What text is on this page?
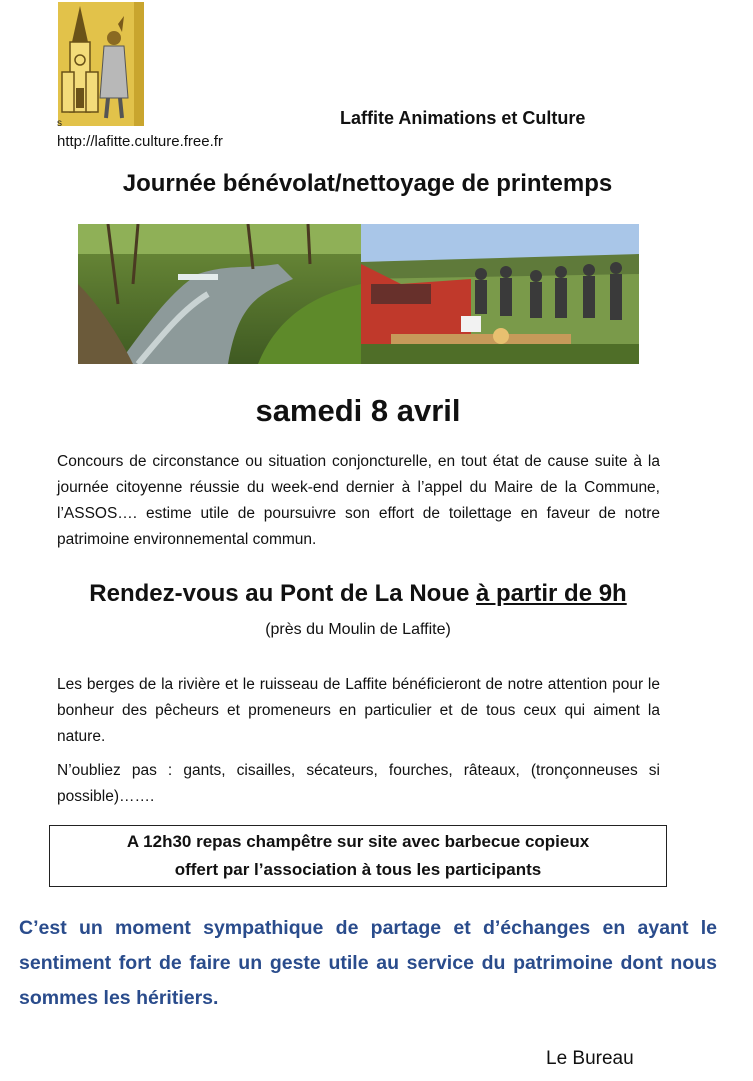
s
http://lafitte.culture.free.fr
Laffite Animations et Culture
Journée bénévolat/nettoyage de printemps
samedi 8 avril
Concours de circonstance ou situation conjoncturelle, en tout état de cause suite à la journée citoyenne réussie du week-end dernier à l’appel du Maire de la Commune, l’ASSOS…. estime utile de poursuivre son effort de toilettage en faveur de notre patrimoine environnemental commun.
Rendez-vous au Pont de La Noue à partir de 9h
(près du Moulin de Laffite)
Les berges de la rivière et le ruisseau de Laffite bénéficieront de notre attention pour le bonheur des pêcheurs et promeneurs en particulier et de tous ceux qui aiment la nature.
N’oubliez pas : gants, cisailles, sécateurs, fourches, râteaux, (tronçonneuses si possible)…….
A 12h30 repas champêtre sur site avec barbecue copieux
offert par l’association à tous les participants
C’est un moment sympathique de partage et d’échanges en ayant le sentiment fort de faire un geste utile au service du patrimoine dont nous sommes les héritiers.
Le Bureau
